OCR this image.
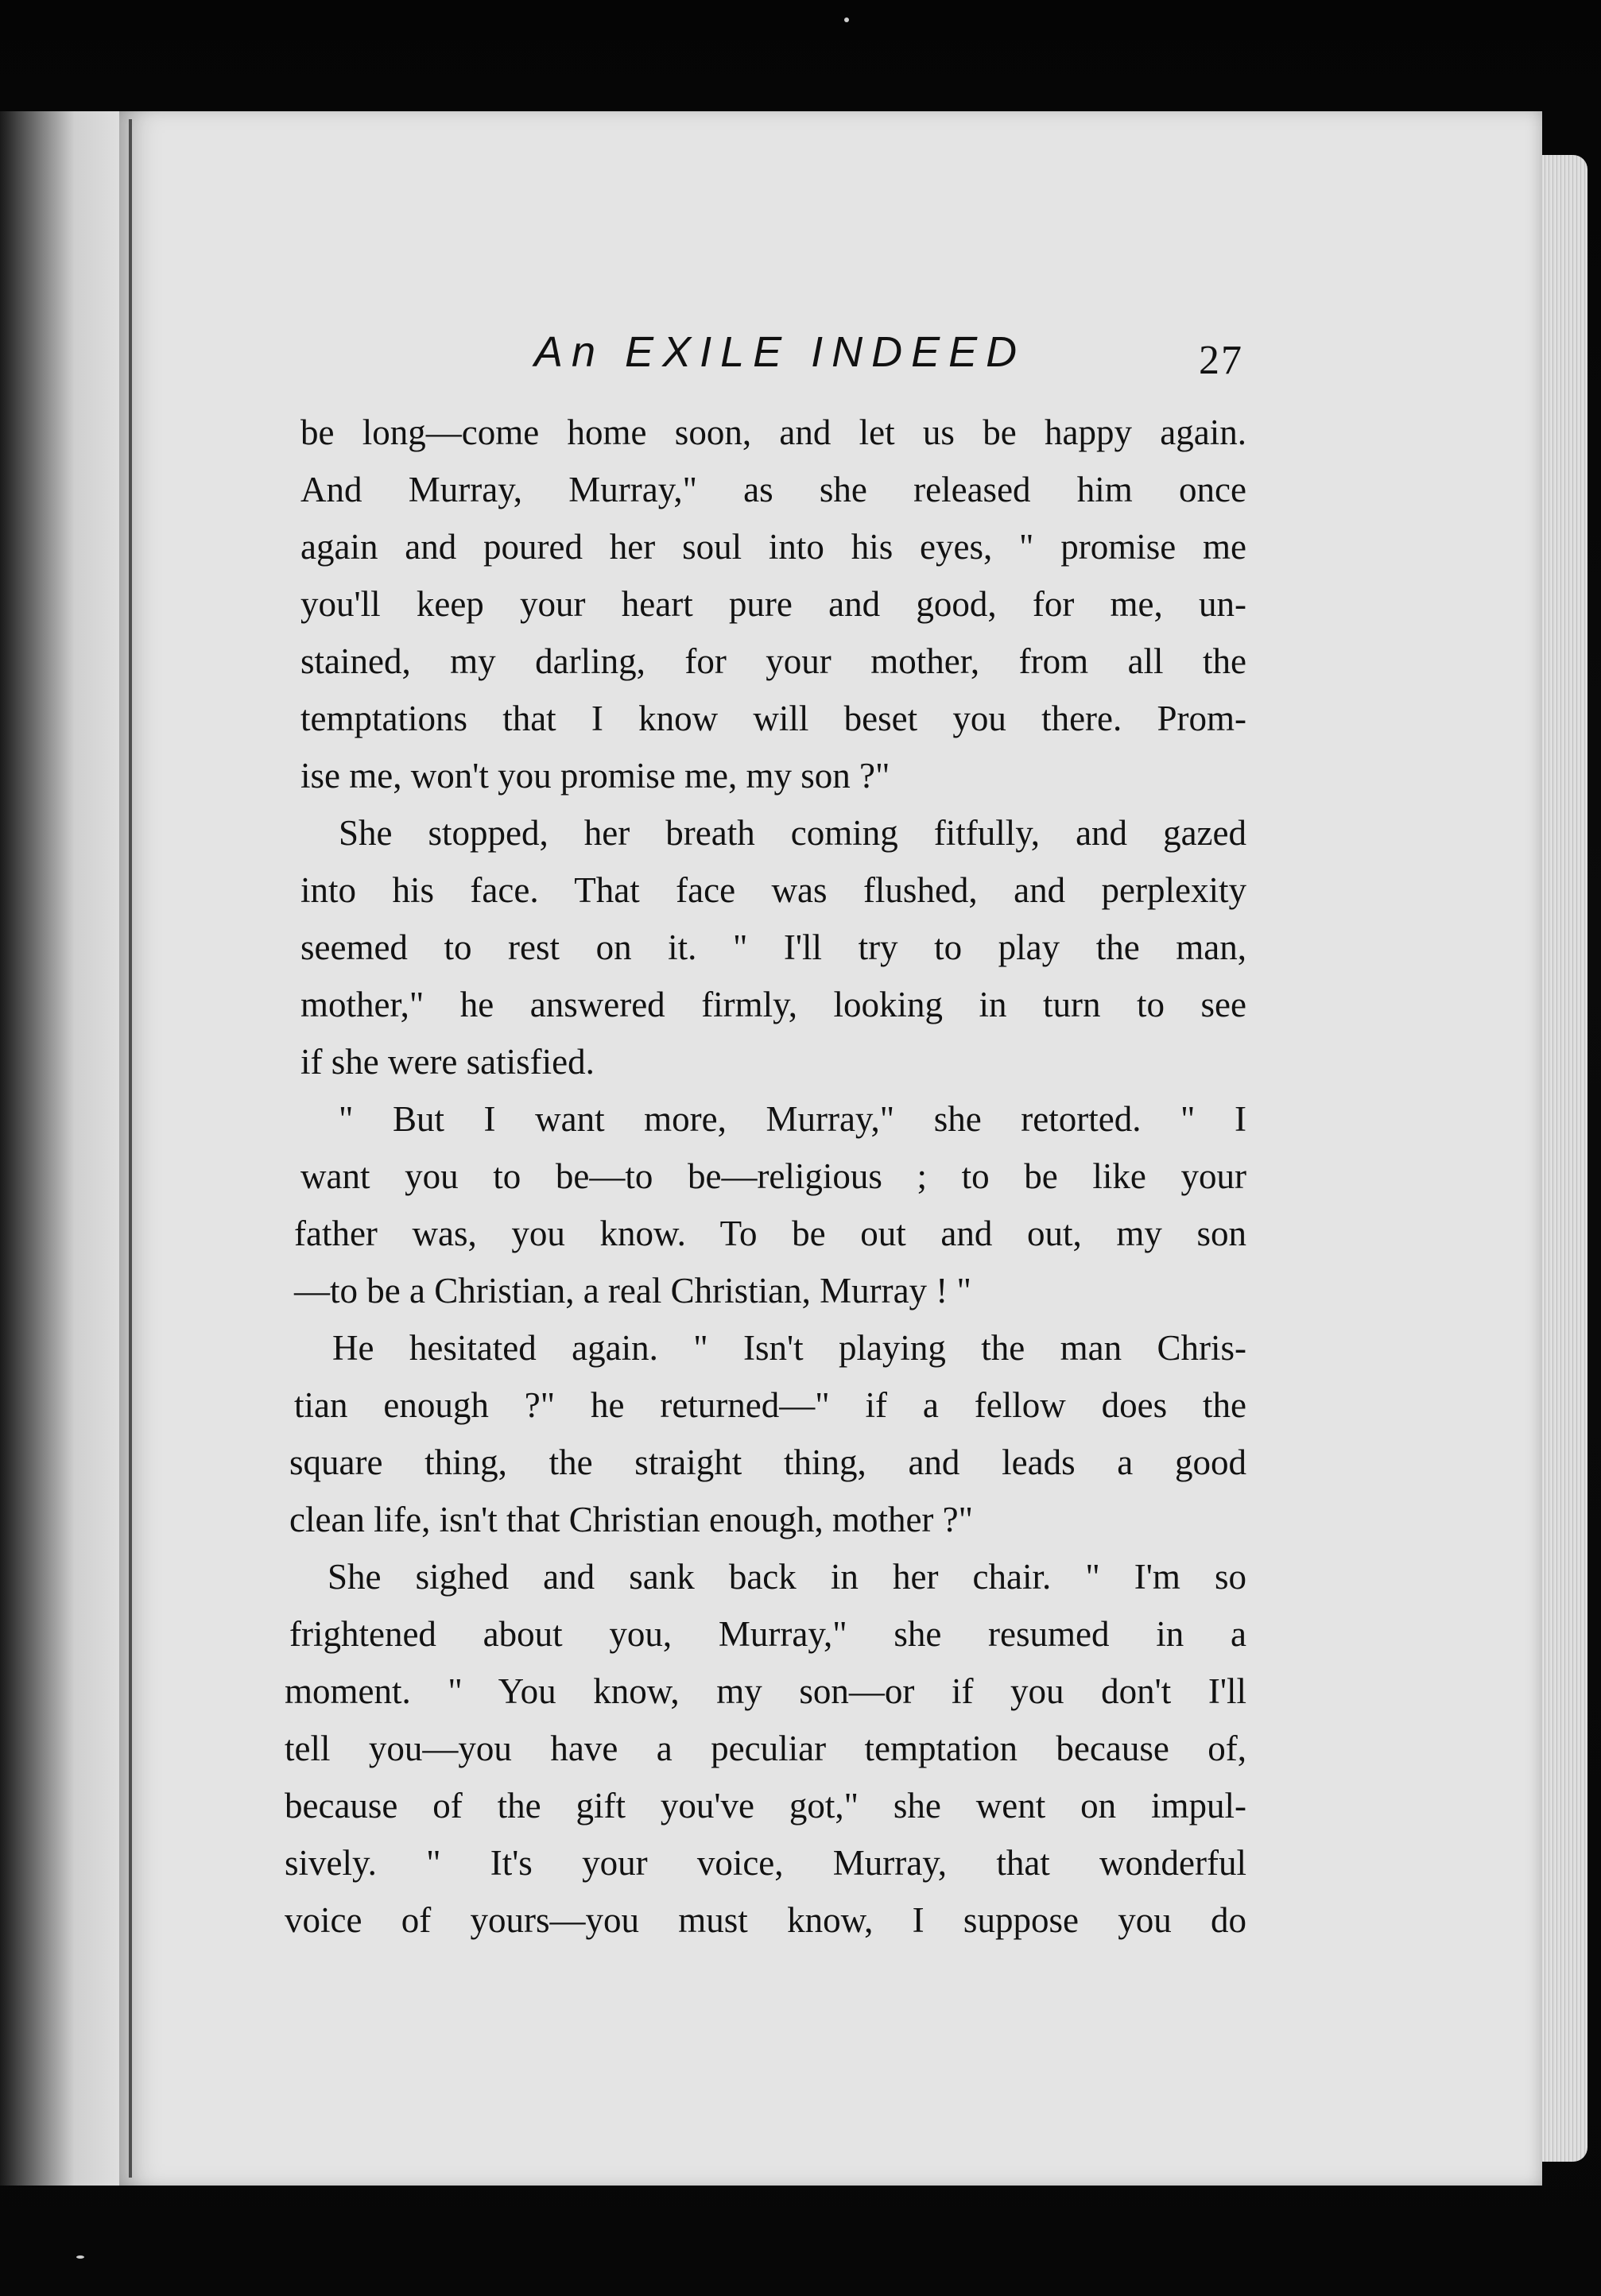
An EXILE INDEED	27
be long—come home soon, and let us be happy again.
And Murray, Murray," as she released him once
again and poured her soul into his eyes, " promise me
you'll keep your heart pure and good, for me, un-
stained, my darling, for your mother, from all the
temptations that I know will beset you there. Prom-
ise me, won't you promise me, my son ?"
She stopped, her breath coming fitfully, and gazed
into his face. That face was flushed, and perplexity
seemed to rest on it. " I'll try to play the man,
mother," he answered firmly, looking in turn to see
if she were satisfied.
" But I want more, Murray," she retorted. " I
want you to be—to be—religious ; to be like your
father was, you know. To be out and out, my son
—to be a Christian, a real Christian, Murray ! "
He hesitated again. " Isn't playing the man Chris-
tian enough ?" he returned—" if a fellow does the
square thing, the straight thing, and leads a good
clean life, isn't that Christian enough, mother ?"
She sighed and sank back in her chair. " I'm so
frightened about you, Murray," she resumed in a
moment. " You know, my son—or if you don't I'll
tell you—you have a peculiar temptation because of,
because of the gift you've got," she went on impul-
sively. " It's your voice, Murray, that wonderful
voice of yours—you must know, I suppose you do
